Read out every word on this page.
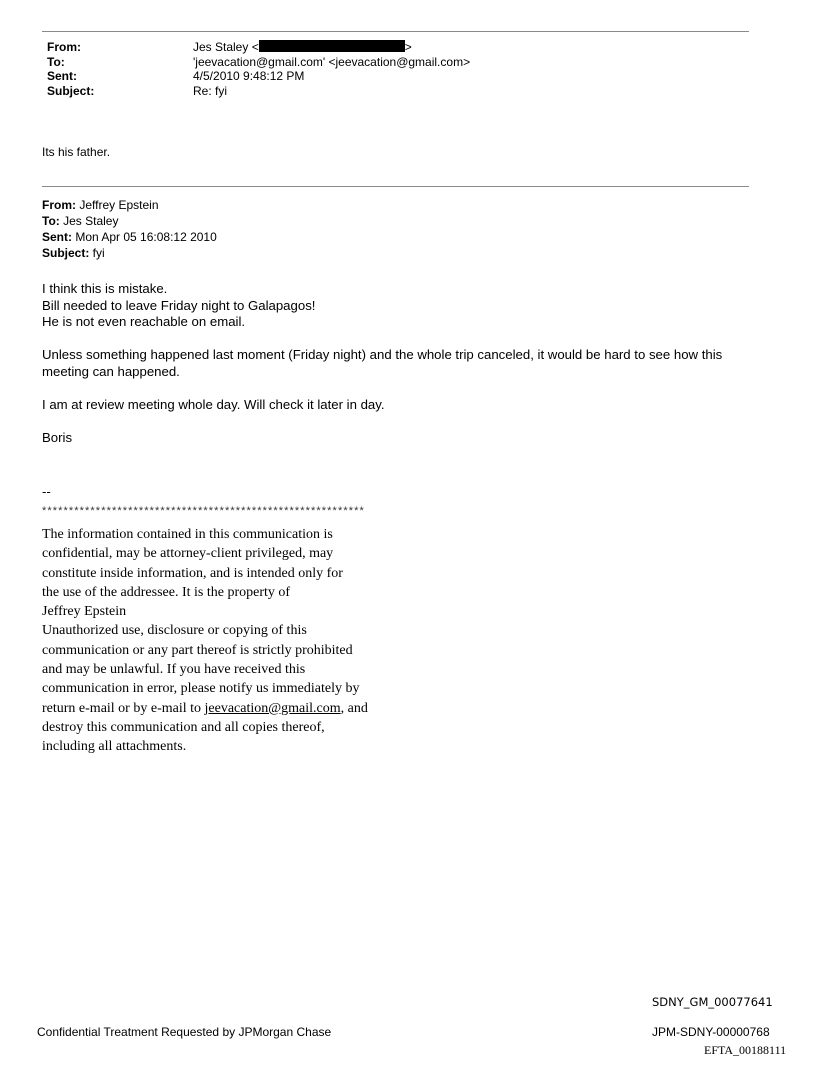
From:	Jes Staley <	>
To:	'jeevacation@gmail.com' <jeevacation@gmail.com>
Sent:	4/5/2010 9:48:12 PM
Subject:	Re: fyi
Its his father.
From: Jeffrey Epstein
To: Jes Staley
Sent: Mon Apr 05 16:08:12 2010
Subject: fyi

I think this is mistake.
Bill needed to leave Friday night to Galapagos!
He is not even reachable on email.

Unless something happened last moment (Friday night) and the whole trip canceled, it would be hard to see how this meeting can happened.

I am at review meeting whole day. Will check it later in day.

Boris

--
************************************************************
The information contained in this communication is
confidential, may be attorney-client privileged, may
constitute inside information, and is intended only for
the use of the addressee. It is the property of
Jeffrey Epstein
Unauthorized use, disclosure or copying of this
communication or any part thereof is strictly prohibited
and may be unlawful. If you have received this
communication in error, please notify us immediately by
return e-mail or by e-mail to jeevacation@gmail.com, and
destroy this communication and all copies thereof,
including all attachments.
SDNY_GM_00077641
Confidential Treatment Requested by JPMorgan Chase	JPM-SDNY-00000768
EFTA_00188111
